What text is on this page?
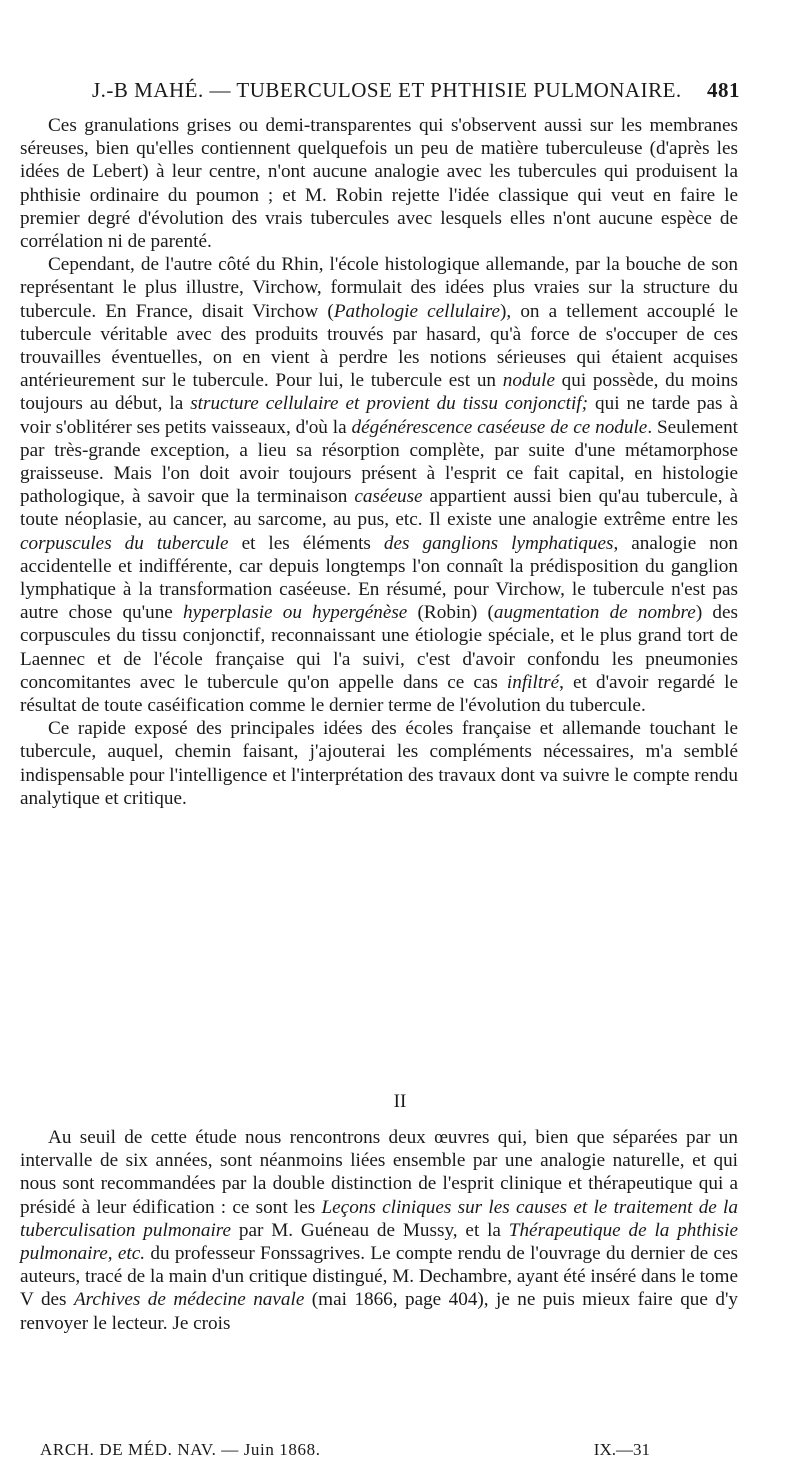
J.-B MAHÉ. — TUBERCULOSE ET PHTHISIE PULMONAIRE. 481

Ces granulations grises ou demi-transparentes qui s'observent aussi sur les membranes séreuses, bien qu'elles contiennent quelquefois un peu de matière tuberculeuse (d'après les idées de Lebert) à leur centre, n'ont aucune analogie avec les tubercules qui produisent la phthisie ordinaire du poumon ; et M. Robin rejette l'idée classique qui veut en faire le premier degré d'évolution des vrais tubercules avec lesquels elles n'ont aucune espèce de corrélation ni de parenté.

Cependant, de l'autre côté du Rhin, l'école histologique allemande, par la bouche de son représentant le plus illustre, Virchow, formulait des idées plus vraies sur la structure du tubercule. En France, disait Virchow (Pathologie cellulaire), on a tellement accouplé le tubercule véritable avec des produits trouvés par hasard, qu'à force de s'occuper de ces trouvailles éventuelles, on en vient à perdre les notions sérieuses qui étaient acquises antérieurement sur le tubercule. Pour lui, le tubercule est un nodule qui possède, du moins toujours au début, la structure cellulaire et provient du tissu conjonctif; qui ne tarde pas à voir s'oblitérer ses petits vaisseaux, d'où la dégénérescence caséeuse de ce nodule. Seulement par très-grande exception, a lieu sa résorption complète, par suite d'une métamorphose graisseuse. Mais l'on doit avoir toujours présent à l'esprit ce fait capital, en histologie pathologique, à savoir que la terminaison caséeuse appartient aussi bien qu'au tubercule, à toute néoplasie, au cancer, au sarcome, au pus, etc. Il existe une analogie extrême entre les corpuscules du tubercule et les éléments des ganglions lymphatiques, analogie non accidentelle et indifférente, car depuis longtemps l'on connaît la prédisposition du ganglion lymphatique à la transformation caséeuse. En résumé, pour Virchow, le tubercule n'est pas autre chose qu'une hyperplasie ou hypergénèse (Robin) (augmentation de nombre) des corpuscules du tissu conjonctif, reconnaissant une étiologie spéciale, et le plus grand tort de Laennec et de l'école française qui l'a suivi, c'est d'avoir confondu les pneumonies concomitantes avec le tubercule qu'on appelle dans ce cas infiltré, et d'avoir regardé le résultat de toute caséification comme le dernier terme de l'évolution du tubercule.

Ce rapide exposé des principales idées des écoles française et allemande touchant le tubercule, auquel, chemin faisant, j'ajouterai les compléments nécessaires, m'a semblé indispensable pour l'intelligence et l'interprétation des travaux dont va suivre le compte rendu analytique et critique.

II

Au seuil de cette étude nous rencontrons deux œuvres qui, bien que séparées par un intervalle de six années, sont néanmoins liées ensemble par une analogie naturelle, et qui nous sont recommandées par la double distinction de l'esprit clinique et thérapeutique qui a présidé à leur édification : ce sont les Leçons cliniques sur les causes et le traitement de la tuberculisation pulmonaire par M. Guéneau de Mussy, et la Thérapeutique de la phthisie pulmonaire, etc. du professeur Fonssagrives. Le compte rendu de l'ouvrage du dernier de ces auteurs, tracé de la main d'un critique distingué, M. Dechambre, ayant été inséré dans le tome V des Archives de médecine navale (mai 1866, page 404), je ne puis mieux faire que d'y renvoyer le lecteur. Je crois

ARCH. DE MÉD. NAV. — Juin 1868.	IX.—31
